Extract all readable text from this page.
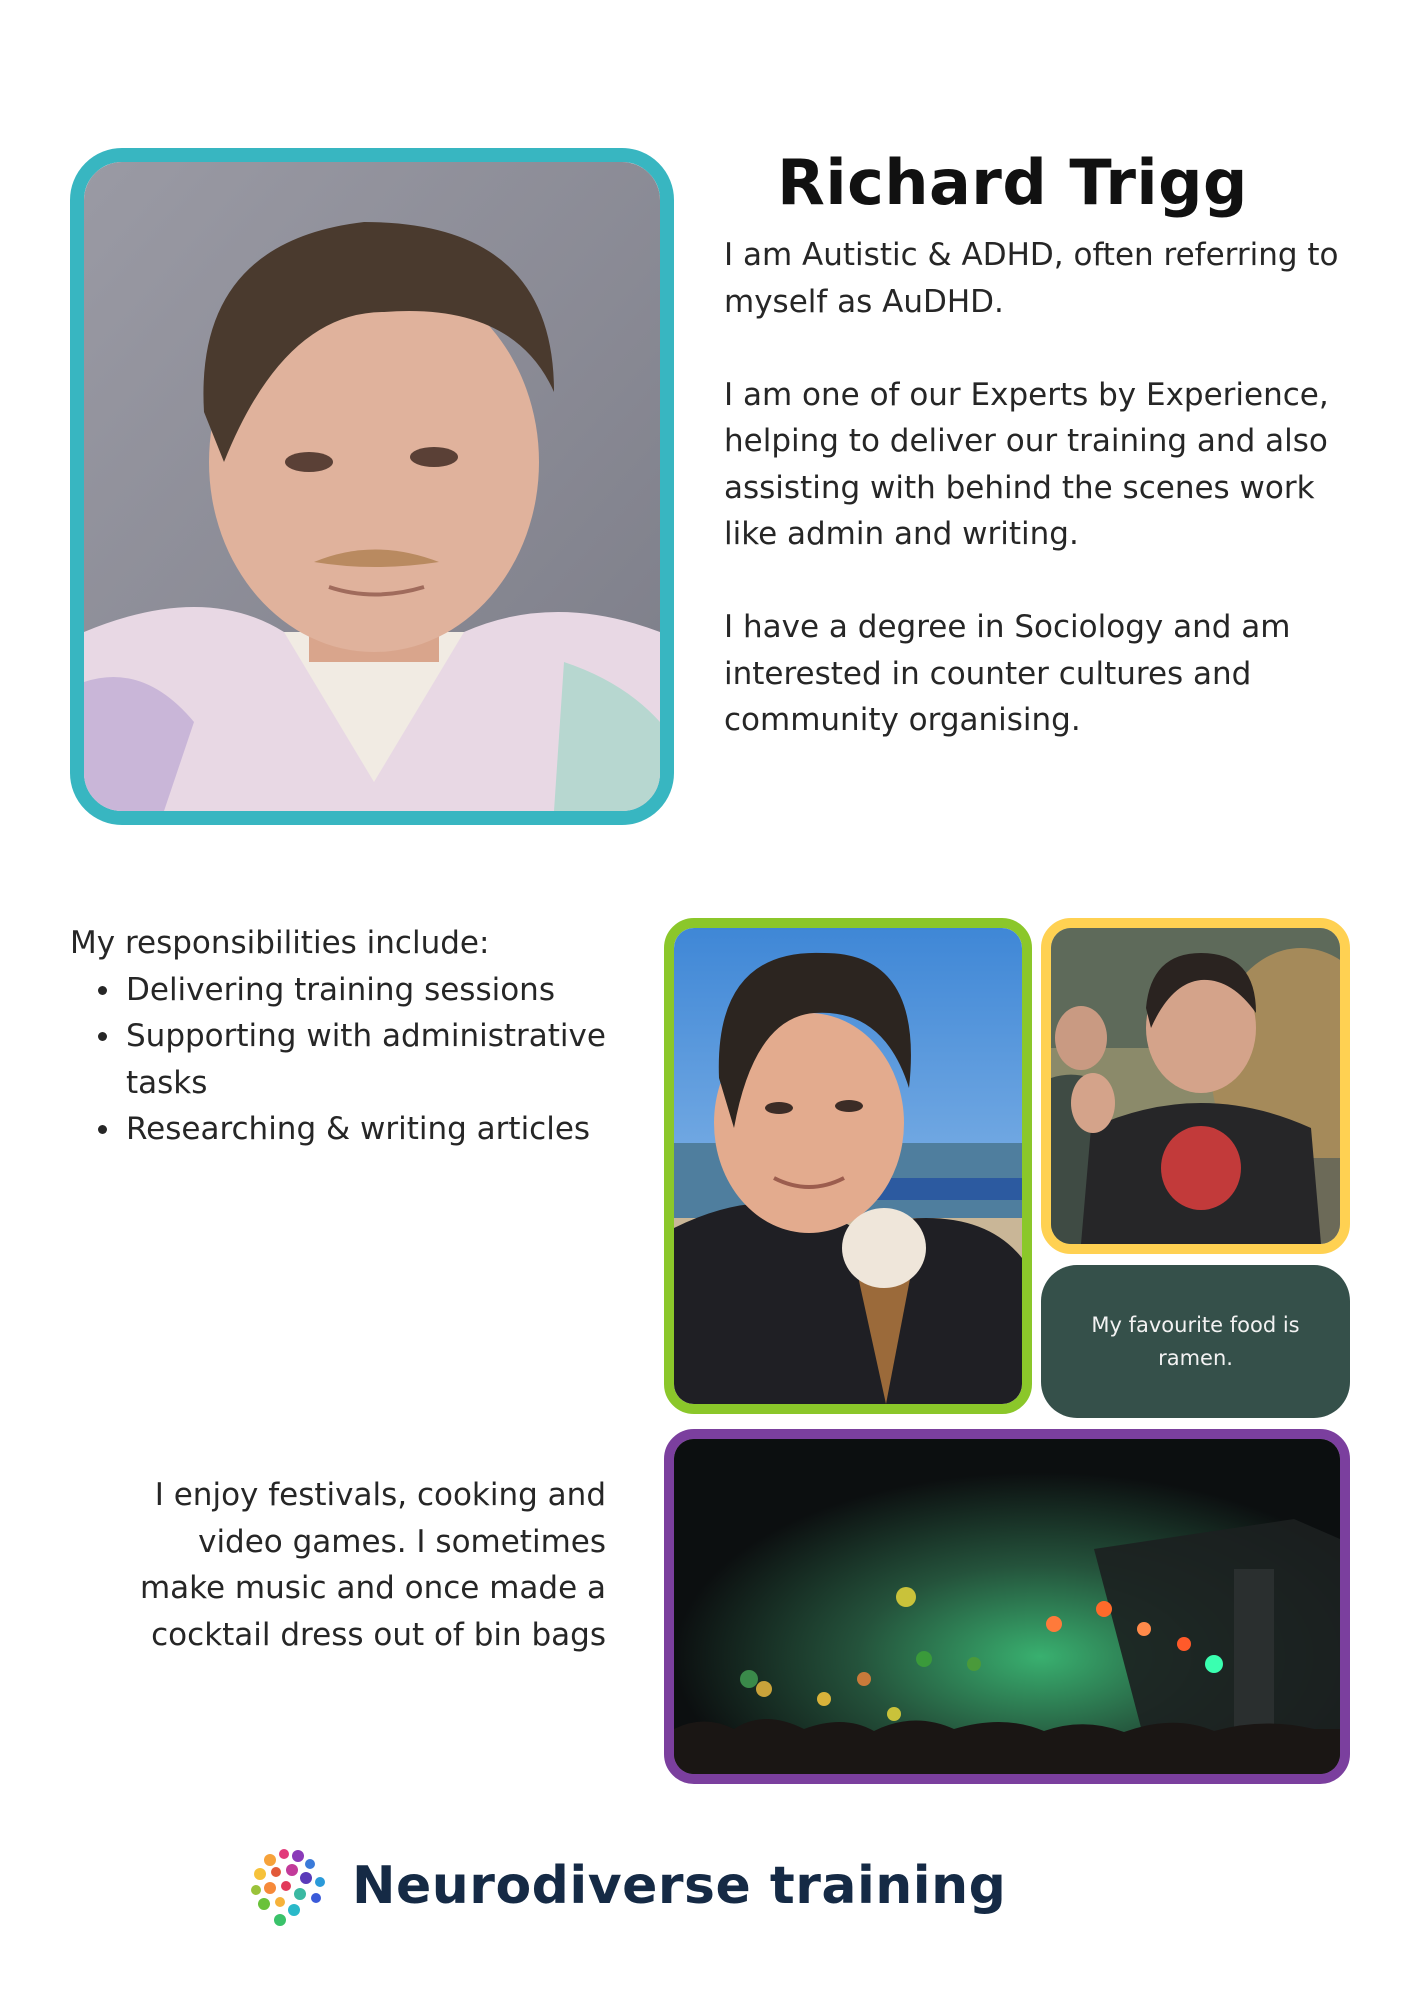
Richard Trigg

I am Autistic & ADHD, often referring to myself as AuDHD.

I am one of our Experts by Experience, helping to deliver our training and also assisting with behind the scenes work like admin and writing.

I have a degree in Sociology and am interested in counter cultures and community organising.

My responsibilities include:
Delivering training sessions
Supporting with administrative tasks
Researching & writing articles
My favourite food is ramen.
I enjoy festivals, cooking and video games. I sometimes make music and once made a cocktail dress out of bin bags
Neurodiverse training
